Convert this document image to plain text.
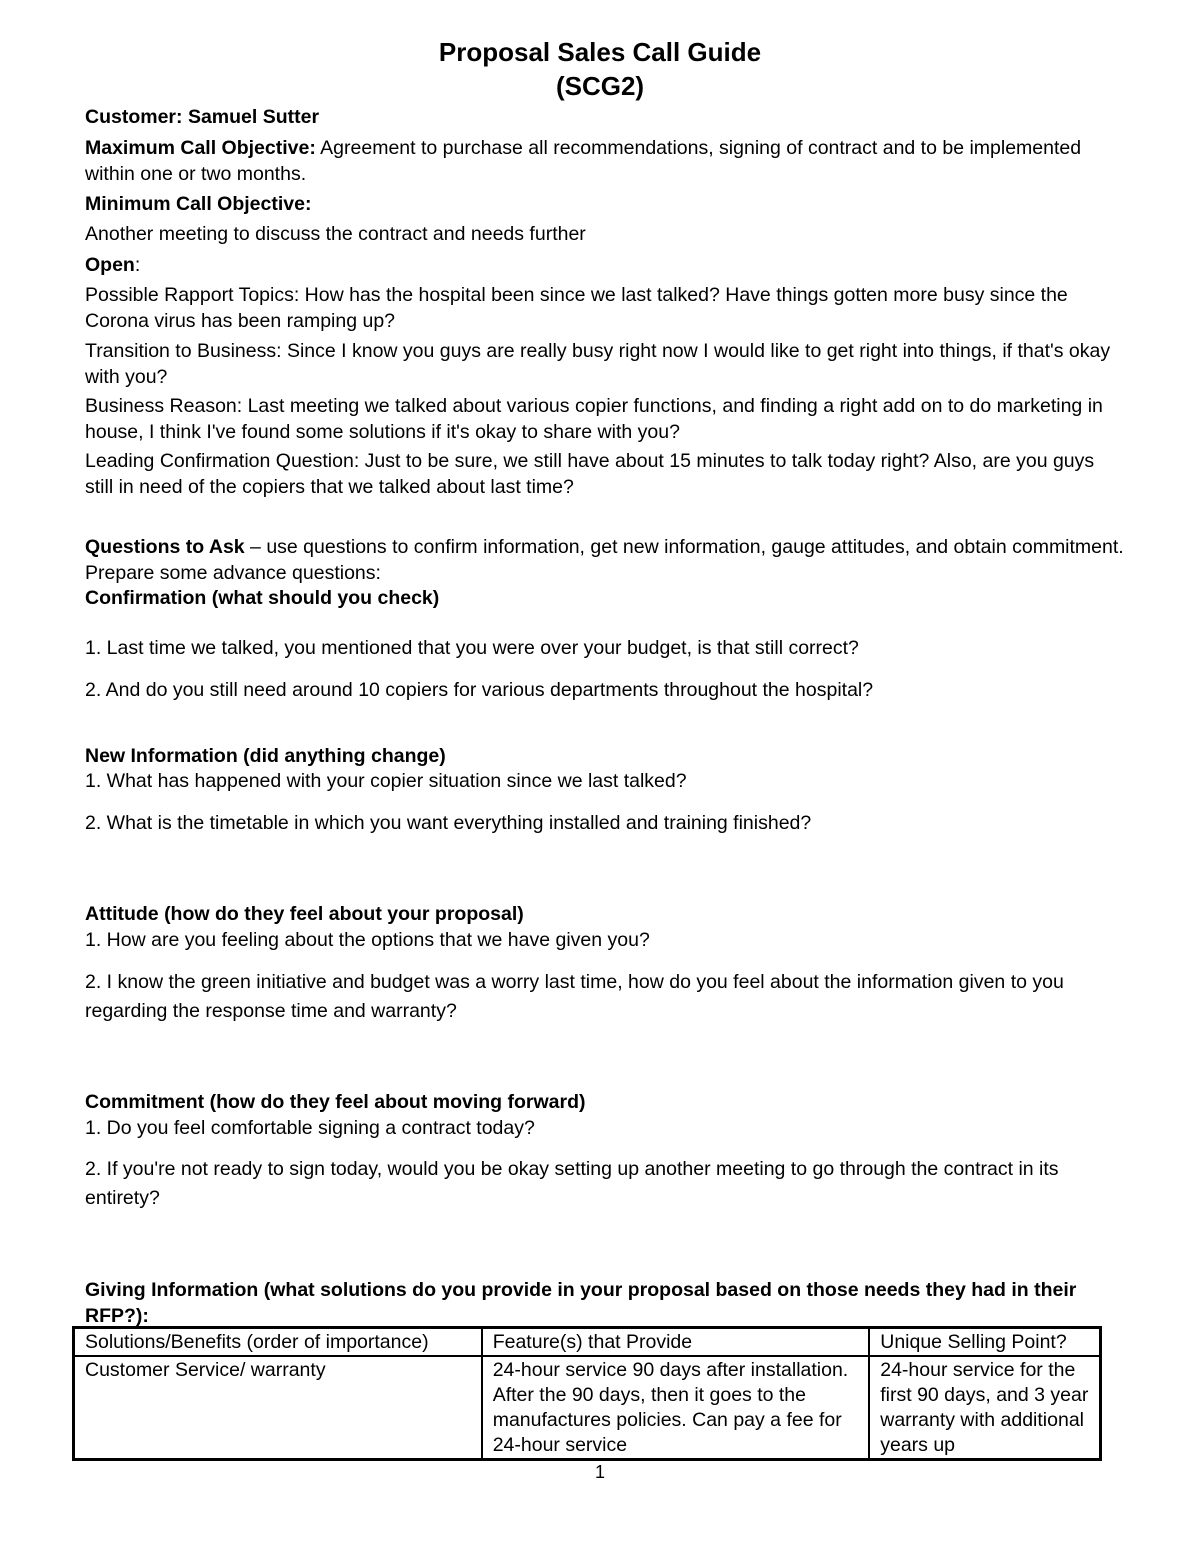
Proposal Sales Call Guide
(SCG2)
Customer: Samuel Sutter
Maximum Call Objective: Agreement to purchase all recommendations, signing of contract and to be implemented within one or two months.
Minimum Call Objective:
Another meeting to discuss the contract and needs further
Open:
Possible Rapport Topics: How has the hospital been since we last talked? Have things gotten more busy since the Corona virus has been ramping up?
Transition to Business: Since I know you guys are really busy right now I would like to get right into things, if that's okay with you?
Business Reason: Last meeting we talked about various copier functions, and finding a right add on to do marketing in house, I think I've found some solutions if it's okay to share with you?
Leading Confirmation Question: Just to be sure, we still have about 15 minutes to talk today right? Also, are you guys still in need of the copiers that we talked about last time?
Questions to Ask – use questions to confirm information, get new information, gauge attitudes, and obtain commitment. Prepare some advance questions:
Confirmation (what should you check)
1. Last time we talked, you mentioned that you were over your budget, is that still correct?
2. And do you still need around 10 copiers for various departments throughout the hospital?
New Information (did anything change)
1. What has happened with your copier situation since we last talked?
2. What is the timetable in which you want everything installed and training finished?
Attitude (how do they feel about your proposal)
1. How are you feeling about the options that we have given you?
2. I know the green initiative and budget was a worry last time, how do you feel about the information given to you regarding the response time and warranty?
Commitment (how do they feel about moving forward)
1. Do you feel comfortable signing a contract today?
2. If you're not ready to sign today, would you be okay setting up another meeting to go through the contract in its entirety?
Giving Information (what solutions do you provide in your proposal based on those needs they had in their RFP?):
Solutions/Benefits (order of importance)	Feature(s) that Provide	Unique Selling Point?
Customer Service/ warranty	24-hour service 90 days after installation. After the 90 days, then it goes to the manufactures policies. Can pay a fee for 24-hour service	24-hour service for the first 90 days, and 3 year warranty with additional years up
1
